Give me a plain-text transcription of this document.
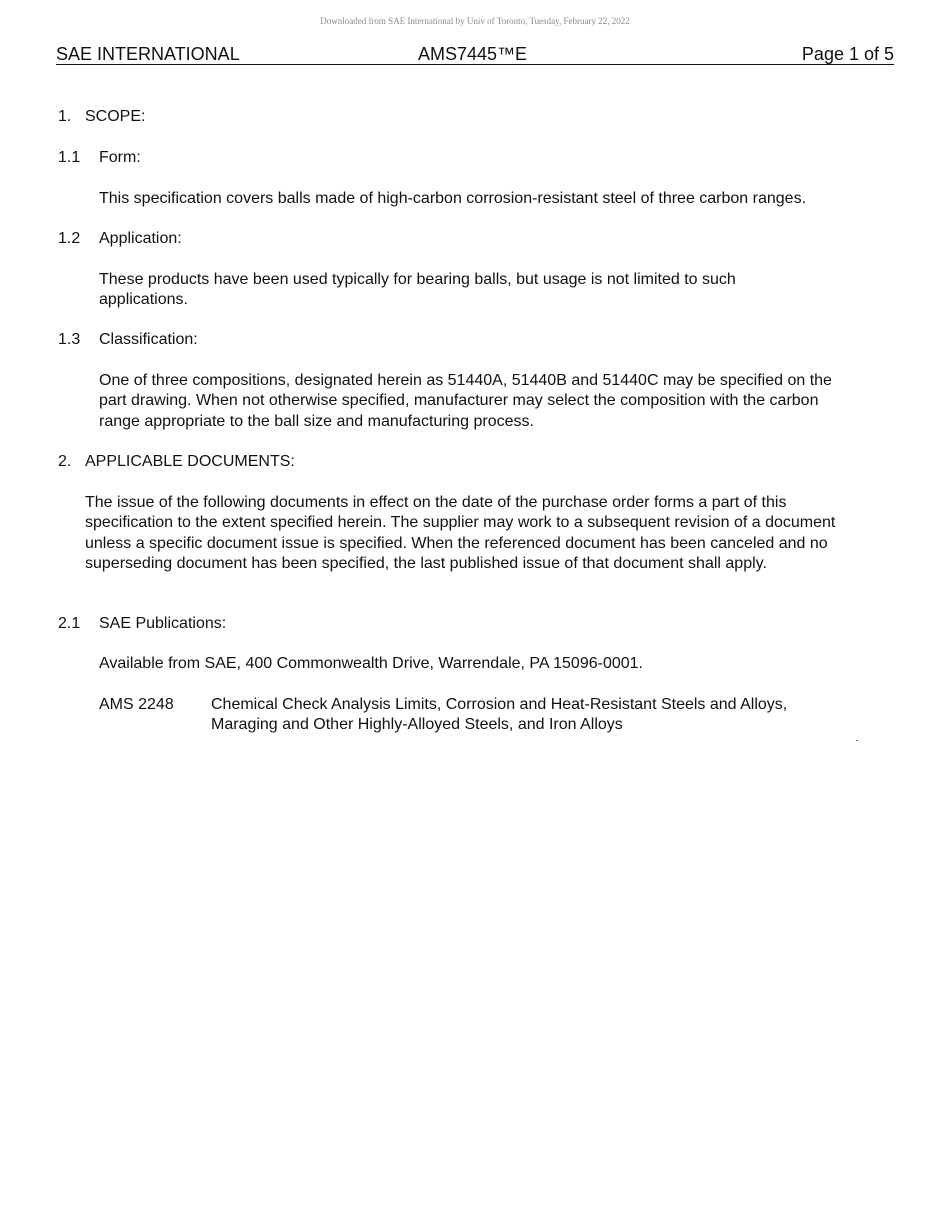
Downloaded from SAE International by Univ of Toronto, Tuesday, February 22, 2022
SAE INTERNATIONAL	AMS7445™E	Page 1 of 5
1. SCOPE:
1.1 Form:
This specification covers balls made of high-carbon corrosion-resistant steel of three carbon ranges.
1.2 Application:
These products have been used typically for bearing balls, but usage is not limited to such applications.
1.3 Classification:
One of three compositions, designated herein as 51440A, 51440B and 51440C may be specified on the part drawing. When not otherwise specified, manufacturer may select the composition with the carbon range appropriate to the ball size and manufacturing process.
2. APPLICABLE DOCUMENTS:
The issue of the following documents in effect on the date of the purchase order forms a part of this specification to the extent specified herein. The supplier may work to a subsequent revision of a document unless a specific document issue is specified. When the referenced document has been canceled and no superseding document has been specified, the last published issue of that document shall apply.
2.1 SAE Publications:
Available from SAE, 400 Commonwealth Drive, Warrendale, PA 15096-0001.
AMS 2248 Chemical Check Analysis Limits, Corrosion and Heat-Resistant Steels and Alloys, Maraging and Other Highly-Alloyed Steels, and Iron Alloys
